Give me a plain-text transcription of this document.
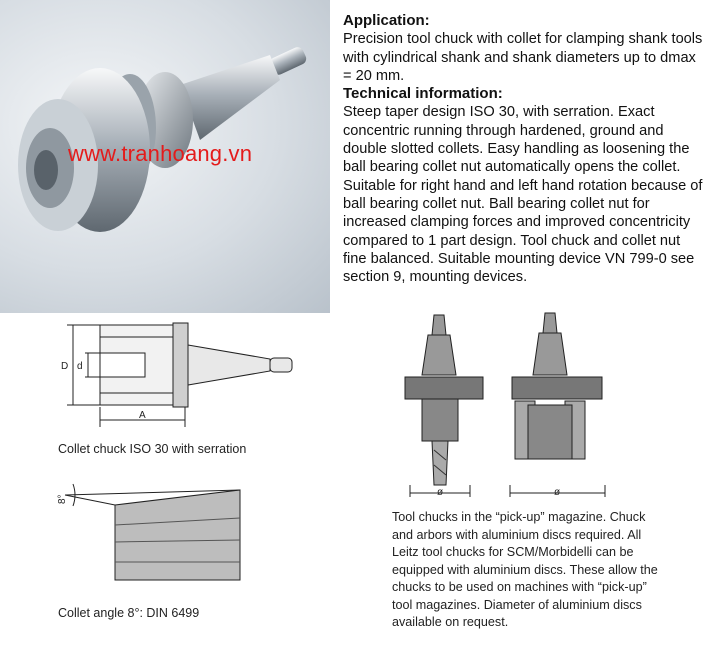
www.tranhoang.vn
Application:

Precision tool chuck with collet for clamping shank tools with cylindrical shank and shank diameters up to dmax = 20 mm.

Technical information:

Steep taper design ISO 30, with serration. Exact concentric running through hardened, ground and double slotted collets. Easy handling as loosening the ball bearing collet nut automatically opens the collet. Suitable for right hand and left hand rotation because of ball bearing collet nut. Ball bearing collet nut for increased clamping forces and improved concentricity compared to 1 part design. Tool chuck and collet nut fine balanced. Suitable mounting device VN 799-0 see section 9, mounting devices.

D d
A
Collet chuck ISO 30 with serration
8°
Collet angle 8°: DIN 6499
ø	ø
Tool chucks in the “pick-up” magazine. Chuck and arbors with aluminium discs required. All Leitz tool chucks for SCM/Morbidelli can be equipped with aluminium discs. These allow the chucks to be used on machines with “pick-up” tool magazines. Diameter of aluminium discs available on request.
